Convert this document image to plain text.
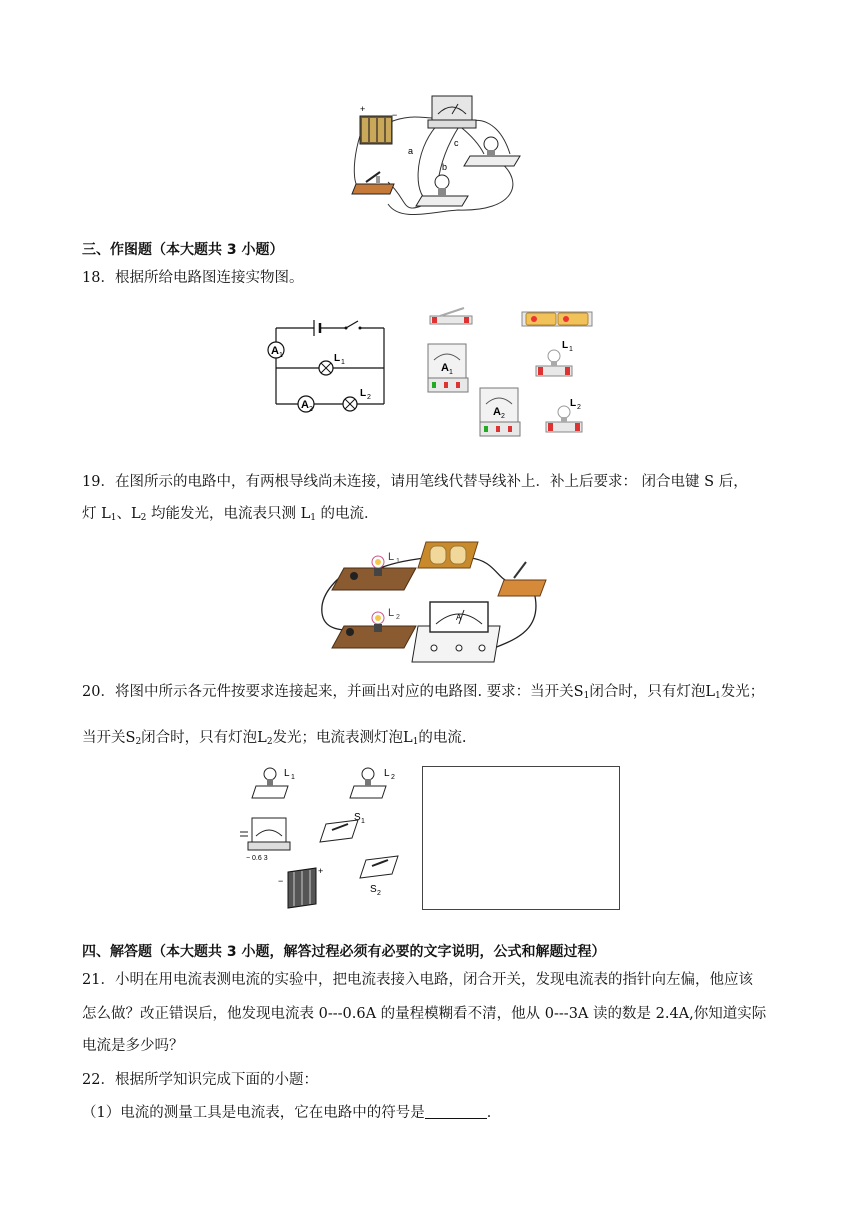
+
−
a
b
c
三、作图题（本大题共 3 小题）
18．根据所给电路图连接实物图。
A 1	L 1
A 2
L 2
A 1
L 1
A 2
L 2
19．在图所示的电路中，有两根导线尚未连接，请用笔线代替导线补上．补上后要求： 闭合电键 S 后，
灯 $L_1$、$L_2$ 均能发光，电流表只测 $L_1$ 的电流．
L 1
L 2	A
20．将图中所示各元件按要求连接起来，并画出对应的电路图. 要求：当开关$S_1$闭合时，只有灯泡$L_1$发光；
当开关$S_2$闭合时，只有灯泡$L_2$发光；电流表测灯泡$L_1$的电流.
L 1	L 2
− 0.6 3
S 1
S 2
+
−
四、解答题（本大题共 3 小题，解答过程必须有必要的文字说明，公式和解题过程）
21．小明在用电流表测电流的实验中，把电流表接入电路，闭合开关，发现电流表的指针向左偏，他应该
怎么做？改正错误后，他发现电流表 0---0.6A 的量程模糊看不清，他从 0---3A 读的数是 2.4A,你知道实际
电流是多少吗？
22．根据所学知识完成下面的小题：
（1）电流的测量工具是电流表，它在电路中的符号是	．
